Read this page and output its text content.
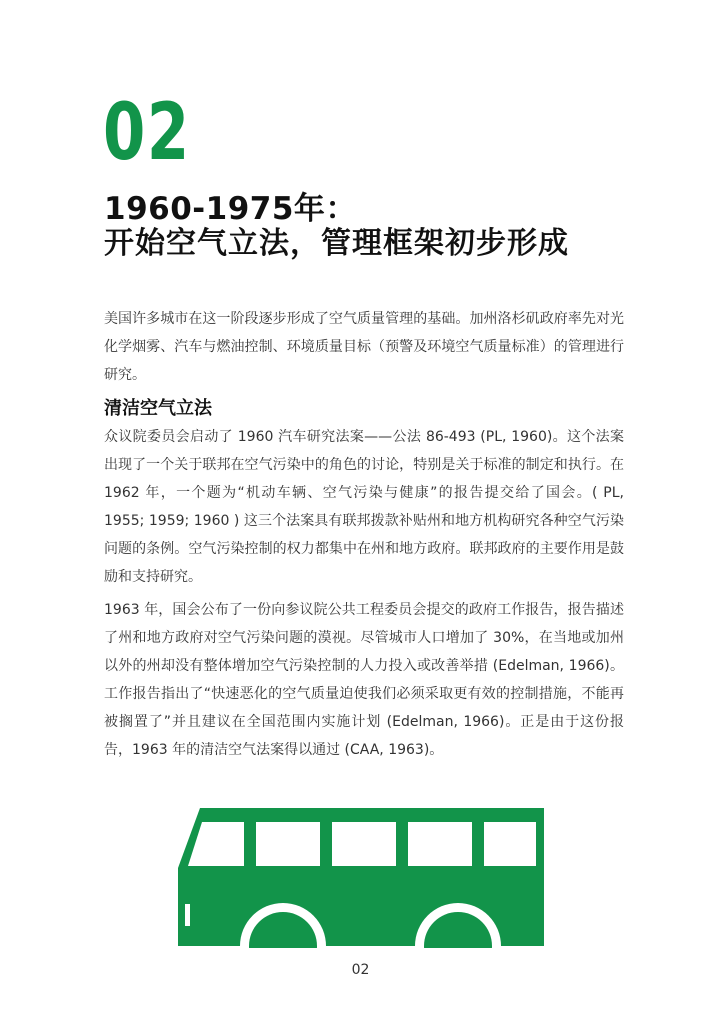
02
1960-1975年：
开始空气立法，管理框架初步形成

美国许多城市在这一阶段逐步形成了空气质量管理的基础。加州洛杉矶政府率先对光化学烟雾、汽车与燃油控制、环境质量目标（预警及环境空气质量标准）的管理进行研究。

清洁空气立法

众议院委员会启动了 1960 汽车研究法案——公法 86-493 (PL, 1960)。这个法案出现了一个关于联邦在空气污染中的角色的讨论，特别是关于标准的制定和执行。在 1962 年，一个题为“机动车辆、空气污染与健康”的报告提交给了国会。( PL, 1955; 1959; 1960 ) 这三个法案具有联邦拨款补贴州和地方机构研究各种空气污染问题的条例。空气污染控制的权力都集中在州和地方政府。联邦政府的主要作用是鼓励和支持研究。

1963 年，国会公布了一份向参议院公共工程委员会提交的政府工作报告，报告描述了州和地方政府对空气污染问题的漠视。尽管城市人口增加了 30%，在当地或加州以外的州却没有整体增加空气污染控制的人力投入或改善举措 (Edelman, 1966)。工作报告指出了“快速恶化的空气质量迫使我们必须采取更有效的控制措施，不能再被搁置了”并且建议在全国范围内实施计划 (Edelman, 1966)。正是由于这份报告，1963 年的清洁空气法案得以通过 (CAA, 1963)。

02
